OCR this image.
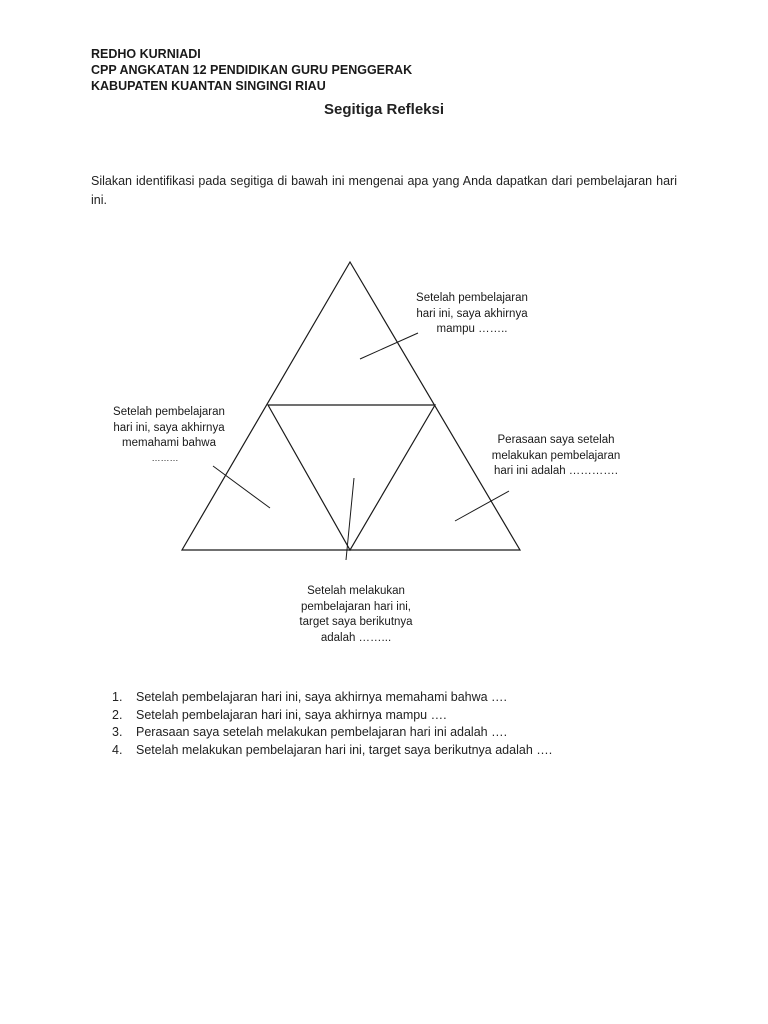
REDHO KURNIADI
CPP ANGKATAN 12 PENDIDIKAN GURU PENGGERAK
KABUPATEN KUANTAN SINGINGI RIAU
Segitiga Refleksi
Silakan identifikasi pada segitiga di bawah ini mengenai apa yang Anda dapatkan dari pembelajaran hari ini.
Setelah pembelajaran
hari ini, saya akhirnya
mampu ……..
Setelah pembelajaran
hari ini, saya akhirnya
memahami bahwa
………
Perasaan saya setelah
melakukan pembelajaran
hari ini adalah ………….
Setelah melakukan
pembelajaran hari ini,
target saya berikutnya
adalah ……...
1. Setelah pembelajaran hari ini, saya akhirnya memahami bahwa ….
2. Setelah pembelajaran hari ini, saya akhirnya mampu ….
3. Perasaan saya setelah melakukan pembelajaran hari ini adalah ….
4. Setelah melakukan pembelajaran hari ini, target saya berikutnya adalah ….
